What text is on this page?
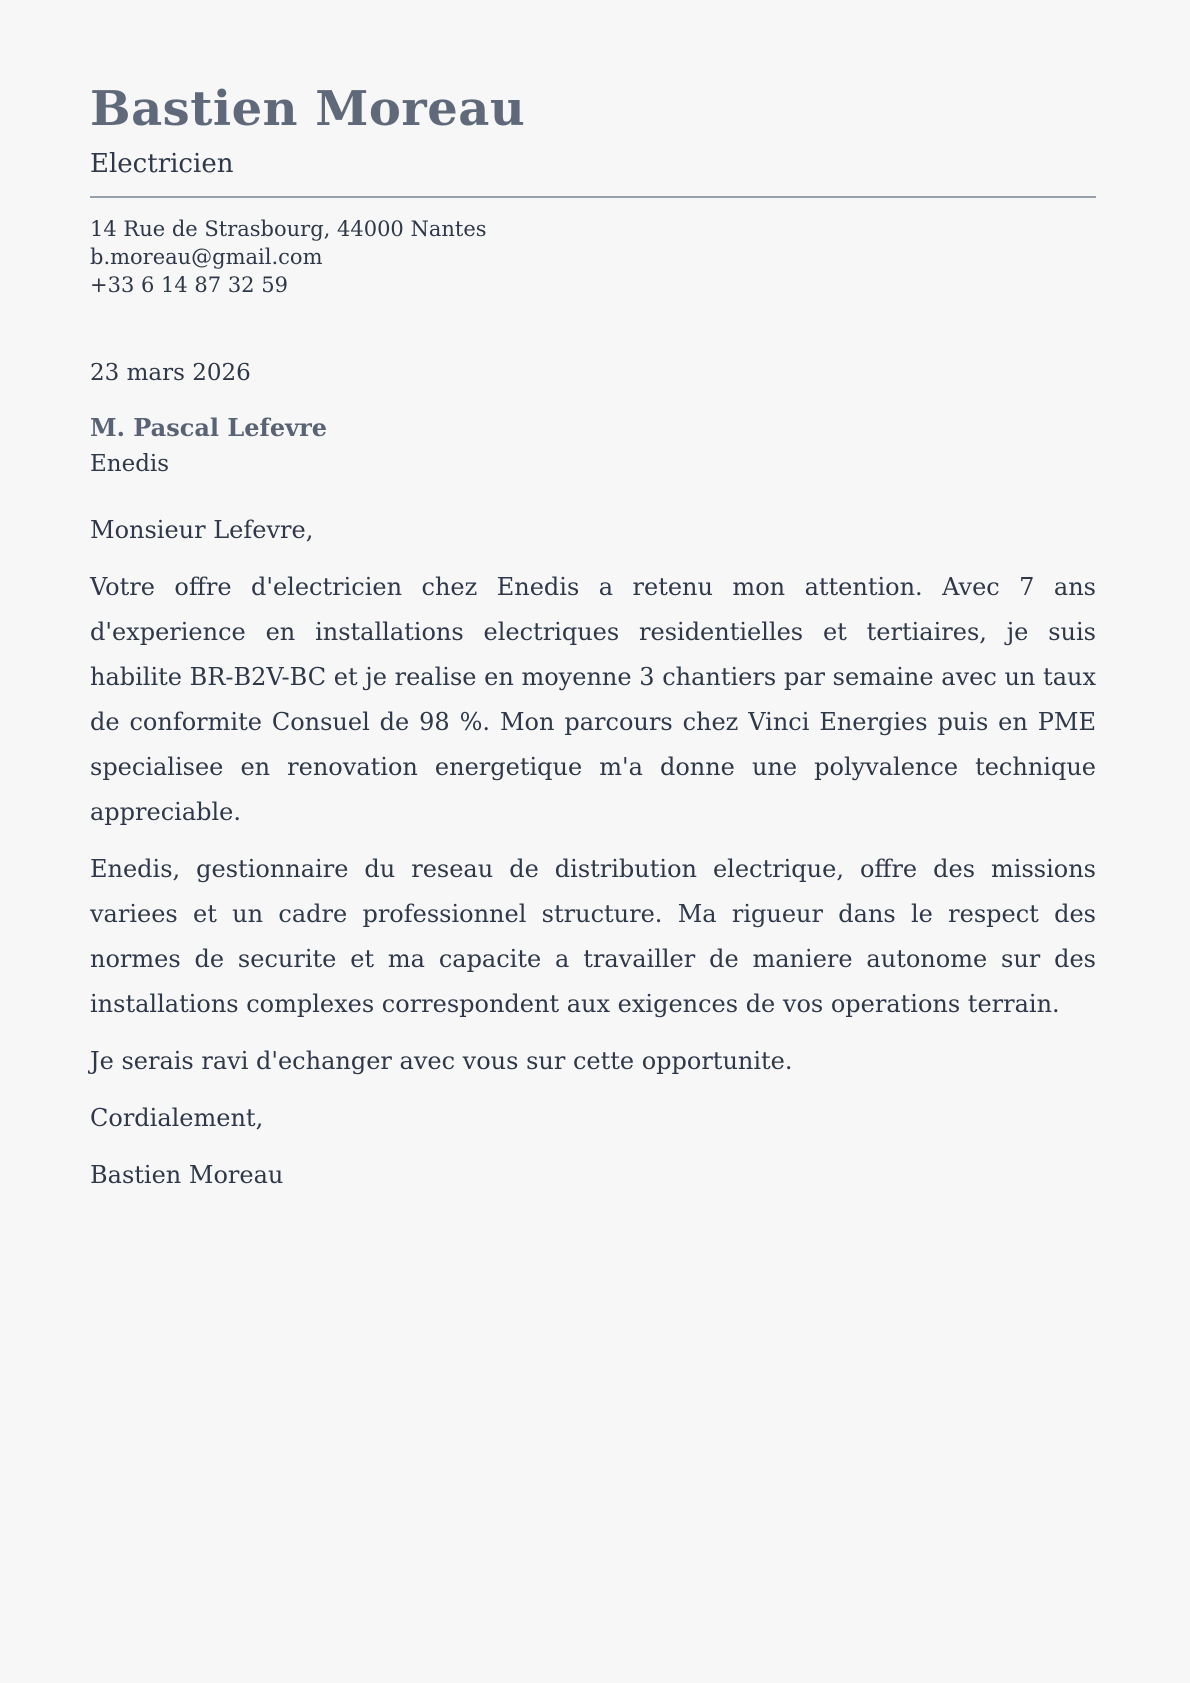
Bastien Moreau
Electricien
14 Rue de Strasbourg, 44000 Nantes
b.moreau@gmail.com
+33 6 14 87 32 59
23 mars 2026
M. Pascal Lefevre
Enedis

Monsieur Lefevre,

Votre offre d'electricien chez Enedis a retenu mon attention. Avec 7 ans d'experience en installations electriques residentielles et tertiaires, je suis habilite BR-B2V-BC et je realise en moyenne 3 chantiers par semaine avec un taux de conformite Consuel de 98 %. Mon parcours chez Vinci Energies puis en PME specialisee en renovation energetique m'a donne une polyvalence technique appreciable.

Enedis, gestionnaire du reseau de distribution electrique, offre des missions variees et un cadre professionnel structure. Ma rigueur dans le respect des normes de securite et ma capacite a travailler de maniere autonome sur des installations complexes correspondent aux exigences de vos operations terrain.

Je serais ravi d'echanger avec vous sur cette opportunite.

Cordialement,

Bastien Moreau
